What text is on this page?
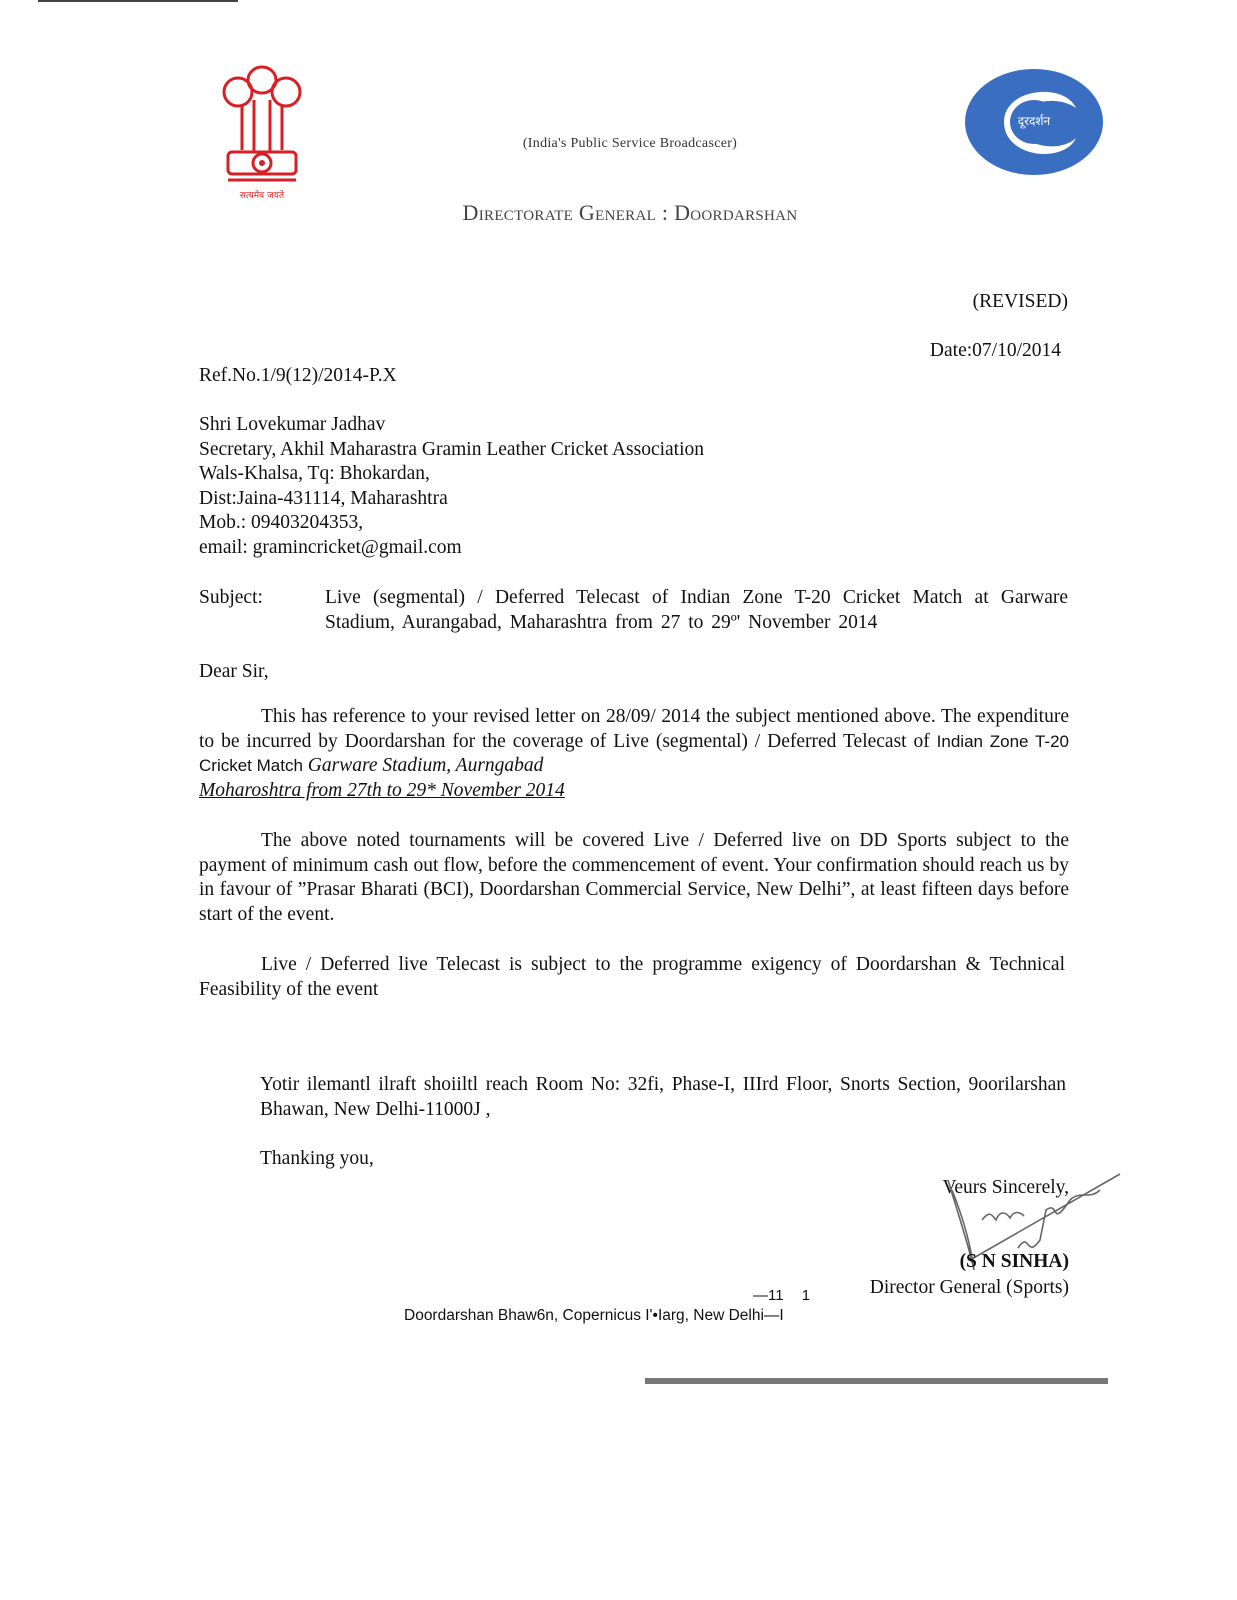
सत्यमेव जयते
(India's Public Service Broadcascer)
दूरदर्शन
Directorate General : Doordarshan
(REVISED)
Date:07/10/2014
Ref.No.1/9(12)/2014-P.X
Shri Lovekumar Jadhav
Secretary, Akhil Maharastra Gramin Leather Cricket Association
Wals-Khalsa, Tq: Bhokardan,
Dist:Jaina-431114, Maharashtra
Mob.: 09403204353,
email: gramincricket@gmail.com
Subject:	Live (segmental) / Deferred Telecast of Indian Zone T-20 Cricket Match at Garware Stadium, Aurangabad, Maharashtra from 27 to 29º' November 2014
Dear Sir,

This has reference to your revised letter on 28/09/ 2014 the subject mentioned above. The expenditure to be incurred by Doordarshan for the coverage of Live (segmental) / Deferred Telecast of Indian Zone T-20 Cricket Match Garware Stadium, Aurngabad

Moharoshtra from 27th to 29* November 2014

The above noted tournaments will be covered Live / Deferred live on DD Sports subject to the payment of minimum cash out flow, before the commencement of event. Your confirmation should reach us by in favour of ”Prasar Bharati (BCI), Doordarshan Commercial Service, New Delhi”, at least fifteen days before start of the event.
Live / Deferred live Telecast is subject to the programme exigency of Doordarshan & Technical Feasibility of the event
Yotir ilemantl ilraft shoiiltl reach Room No: 32fi, Phase-I, IIIrd Floor, Snorts Section, 9oorilarshan Bhawan, New Delhi-11000J ,
Thanking you,
Veurs Sincerely,
(S N SINHA)
Director General (Sports)
—11 1
Doordarshan Bhaw6n, Copernicus I'•Iarg, New Delhi—I
